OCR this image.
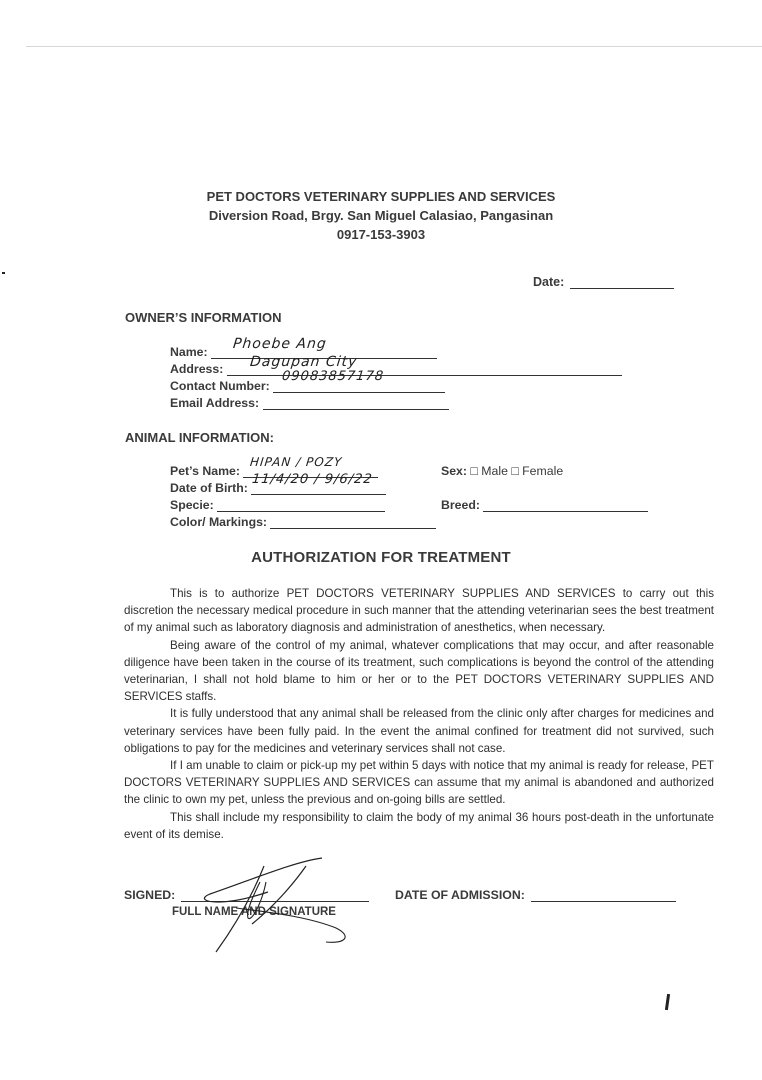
PET DOCTORS VETERINARY SUPPLIES AND SERVICES
Diversion Road, Brgy. San Miguel Calasiao, Pangasinan
0917-153-3903
Date:
OWNER’S INFORMATION
Name:	Phoebe Ang
Address:	Dagupan City
Contact Number:
09083857178
Email Address:
ANIMAL INFORMATION:
Pet’s Name:
HIPAN / POZY
Sex: □ Male □ Female
Date of Birth:
11/4/20 / 9/6/22
Specie:	Breed:
Color/ Markings:
AUTHORIZATION FOR TREATMENT

This is to authorize PET DOCTORS VETERINARY SUPPLIES AND SERVICES to carry out this discretion the necessary medical procedure in such manner that the attending veterinarian sees the best treatment of my animal such as laboratory diagnosis and administration of anesthetics, when necessary.

Being aware of the control of my animal, whatever complications that may occur, and after reasonable diligence have been taken in the course of its treatment, such complications is beyond the control of the attending veterinarian, I shall not hold blame to him or her or to the PET DOCTORS VETERINARY SUPPLIES AND SERVICES staffs.

It is fully understood that any animal shall be released from the clinic only after charges for medicines and veterinary services have been fully paid. In the event the animal confined for treatment did not survived, such obligations to pay for the medicines and veterinary services shall not case.

If I am unable to claim or pick-up my pet within 5 days with notice that my animal is ready for release, PET DOCTORS VETERINARY SUPPLIES AND SERVICES can assume that my animal is abandoned and authorized the clinic to own my pet, unless the previous and on-going bills are settled.

This shall include my responsibility to claim the body of my animal 36 hours post-death in the unfortunate event of its demise.

SIGNED:
FULL NAME AND SIGNATURE
DATE OF ADMISSION:
